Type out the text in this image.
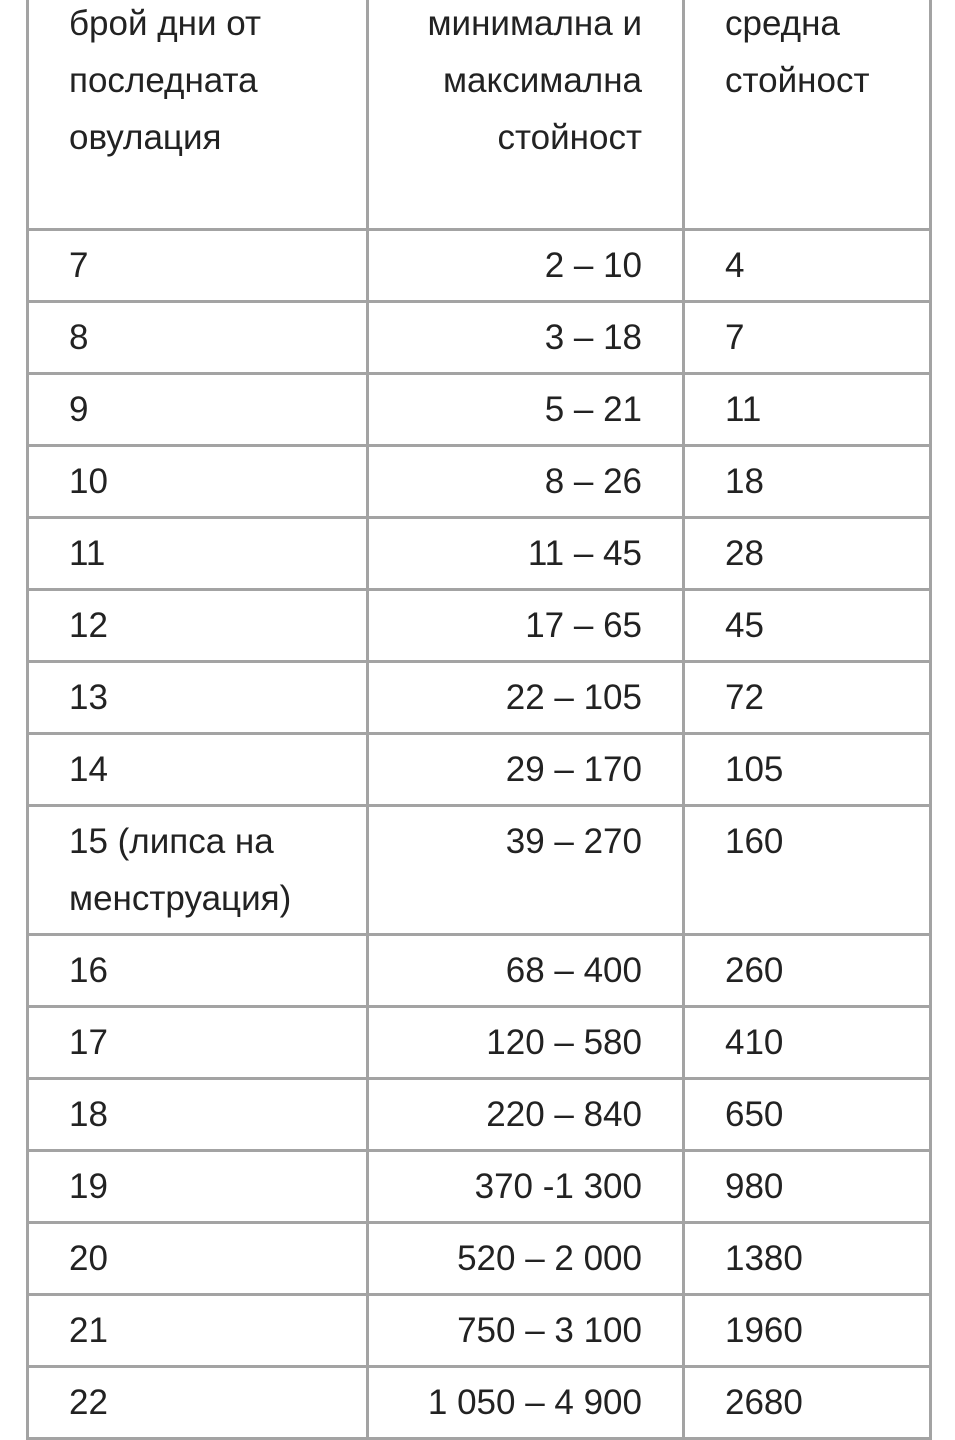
брой дни от последната овулация	минимална и максимална стойност	средна стойност

7	2 – 10	4
8	3 – 18	7
9	5 – 21	11
10	8 – 26	18
11	11 – 45	28
12	17 – 65	45
13	22 – 105	72
14	29 – 170	105
15 (липса на менструация)	39 – 270	160
16	68 – 400	260
17	120 – 580	410
18	220 – 840	650
19	370 -1 300	980
20	520 – 2 000	1380
21	750 – 3 100	1960
22	1 050 – 4 900	2680
